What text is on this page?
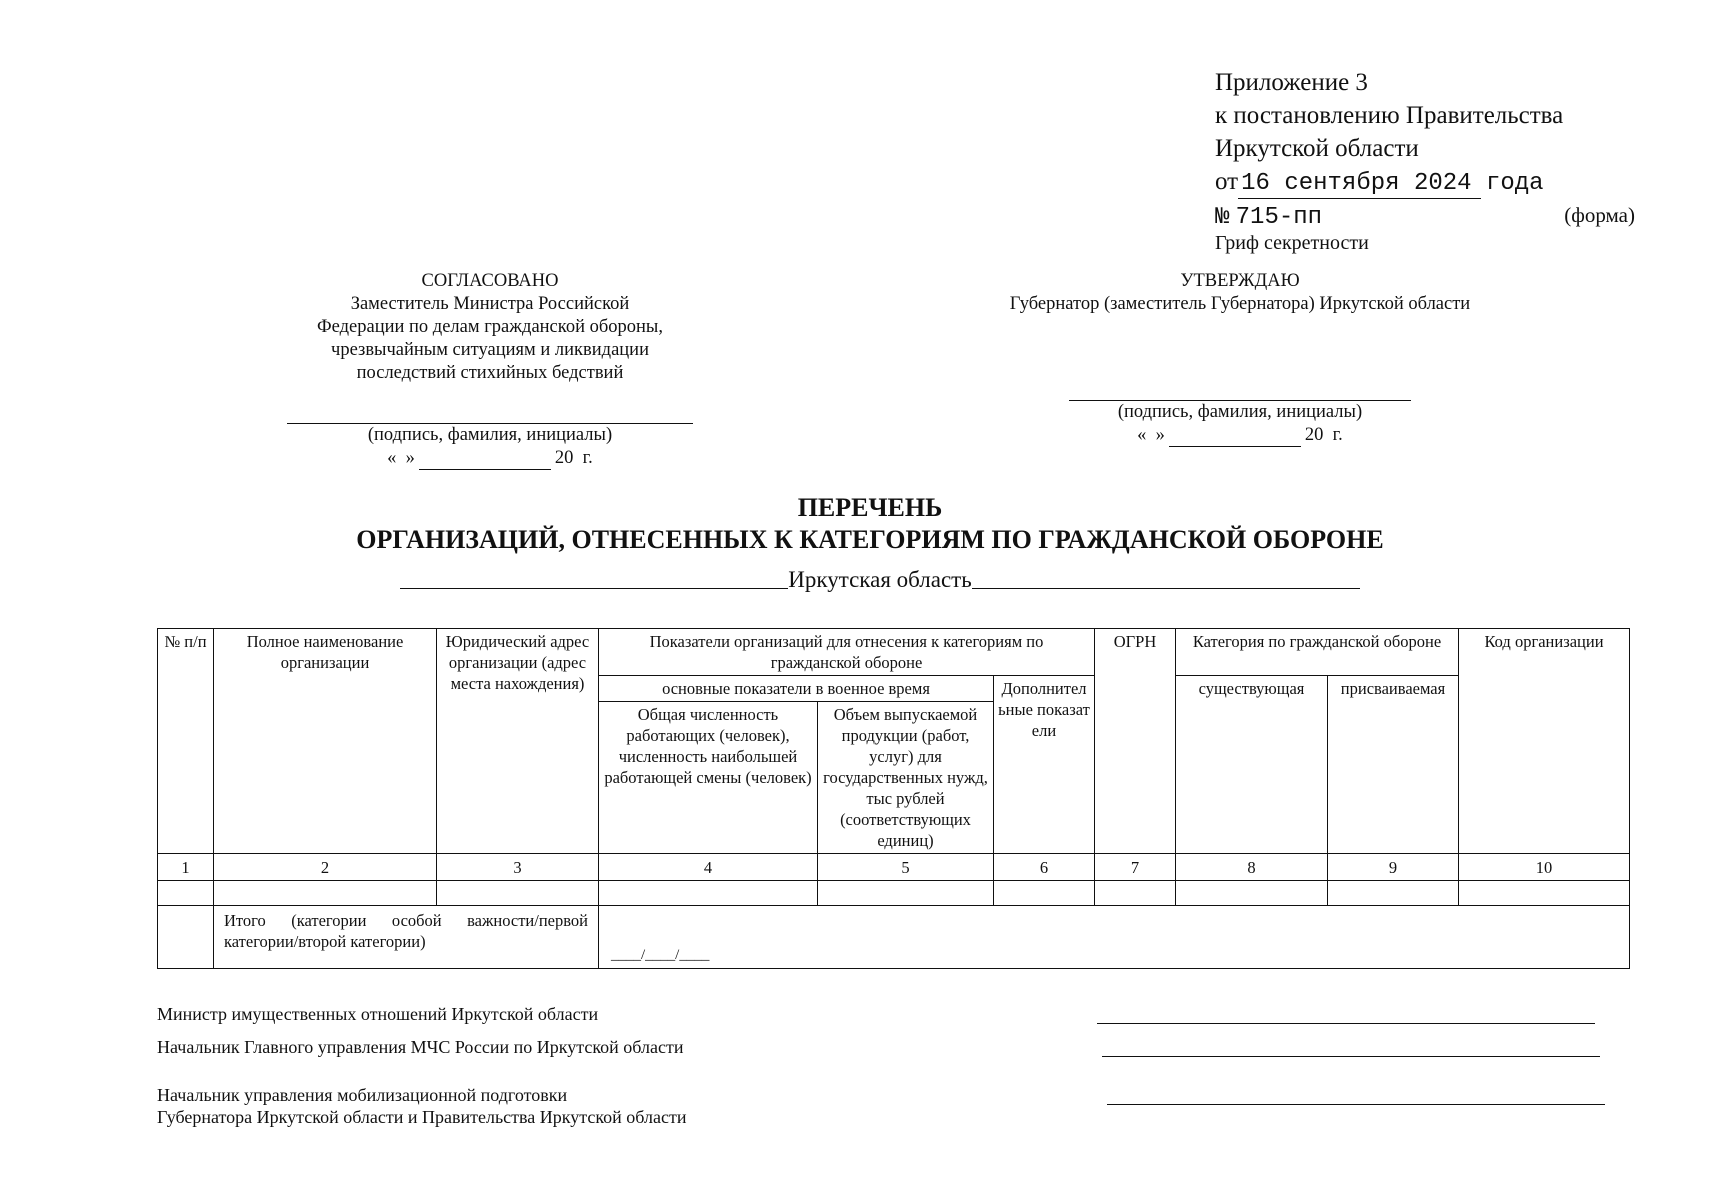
Приложение 3
к постановлению Правительства
Иркутской области
от 16 сентября 2024 года
№ 715-пп	(форма)
Гриф секретности
СОГЛАСОВАНО
Заместитель Министра Российской
Федерации по делам гражданской обороны,
чрезвычайным ситуациям и ликвидации
последствий стихийных бедствий
(подпись, фамилия, инициалы)
«  »	20  г.
УТВЕРЖДАЮ
Губернатор (заместитель Губернатора) Иркутской области
(подпись, фамилия, инициалы)
«  »	20  г.
ПЕРЕЧЕНЬ
ОРГАНИЗАЦИЙ, ОТНЕСЕННЫХ К КАТЕГОРИЯМ ПО ГРАЖДАНСКОЙ ОБОРОНЕ
Иркутская область
№ п/п	Полное наименование организации	Юридический адрес организации (адрес места нахождения)	Показатели организаций для отнесения к категориям по гражданской обороне			ОГРН	Категория по гражданской обороне		Код организации
			основные показатели в военное время		Дополнительные показатели		существующая	присваиваемая	
			Общая численность работающих (человек), численность наибольшей работающей смены (человек)	Объем выпускаемой продукции (работ, услуг) для государственных нужд, тыс рублей (соответствующих единиц)					
1	2	3	4	5	6	7	8	9	10

	Итого (категории особой важности/первой категории/второй категории)		____/____/____						
Министр имущественных отношений Иркутской области
Начальник Главного управления МЧС России по Иркутской области
Начальник управления мобилизационной подготовки
Губернатора Иркутской области и Правительства Иркутской области
